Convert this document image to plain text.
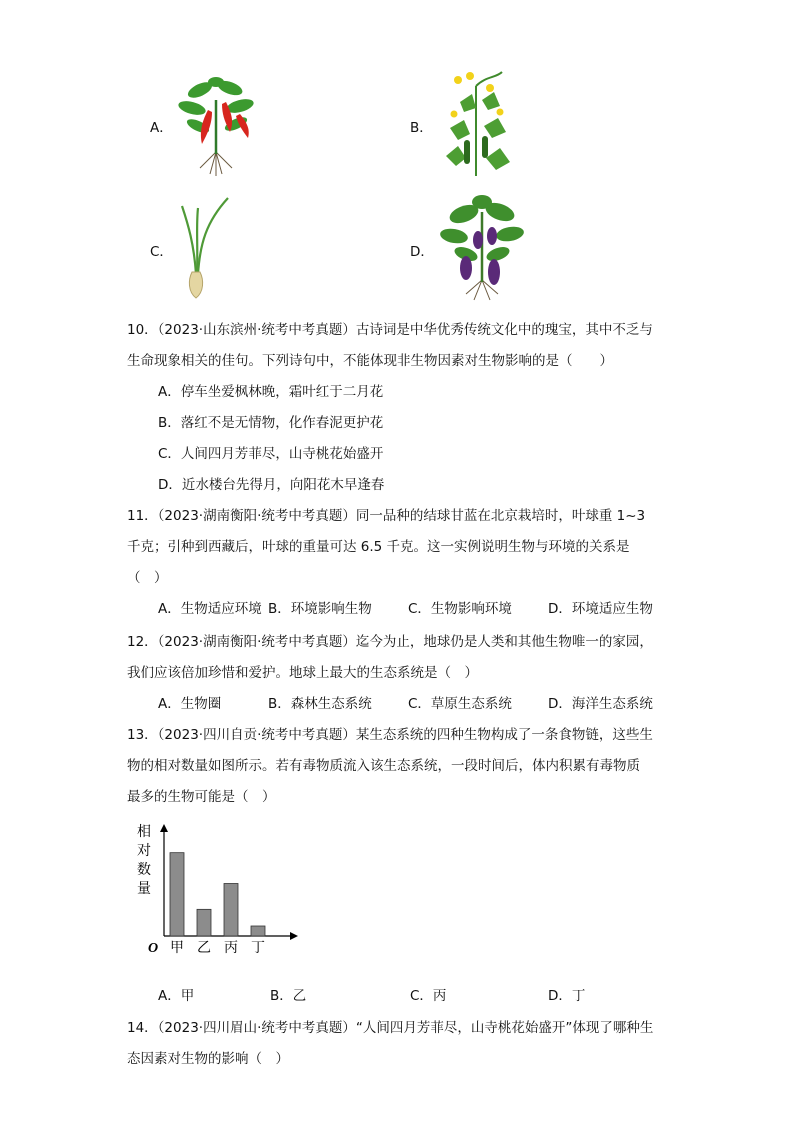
A．	B．
C．	D．
10．（2023·山东滨州·统考中考真题）古诗词是中华优秀传统文化中的瑰宝，其中不乏与
生命现象相关的佳句。下列诗句中，不能体现非生物因素对生物影响的是（　　）
A．停车坐爱枫林晚，霜叶红于二月花
B．落红不是无情物，化作春泥更护花
C．人间四月芳菲尽，山寺桃花始盛开
D．近水楼台先得月，向阳花木早逢春
11．（2023·湖南衡阳·统考中考真题）同一品种的结球甘蓝在北京栽培时，叶球重 1~3
千克；引种到西藏后，叶球的重量可达 6.5 千克。这一实例说明生物与环境的关系是
（　）
A．生物适应环境 B．环境影响生物	C．生物影响环境	D．环境适应生物
12．（2023·湖南衡阳·统考中考真题）迄今为止，地球仍是人类和其他生物唯一的家园，
我们应该倍加珍惜和爱护。地球上最大的生态系统是（　）
A．生物圈	B．森林生态系统	C．草原生态系统	D．海洋生态系统
13．（2023·四川自贡·统考中考真题）某生态系统的四种生物构成了一条食物链，这些生
物的相对数量如图所示。若有毒物质流入该生态系统，一段时间后，体内积累有毒物质
最多的生物可能是（　）
相
对
数
量
O 甲 乙 丙 丁
A．甲	B．乙	C．丙	D．丁
14．（2023·四川眉山·统考中考真题）“人间四月芳菲尽，山寺桃花始盛开”体现了哪种生
态因素对生物的影响（　）
